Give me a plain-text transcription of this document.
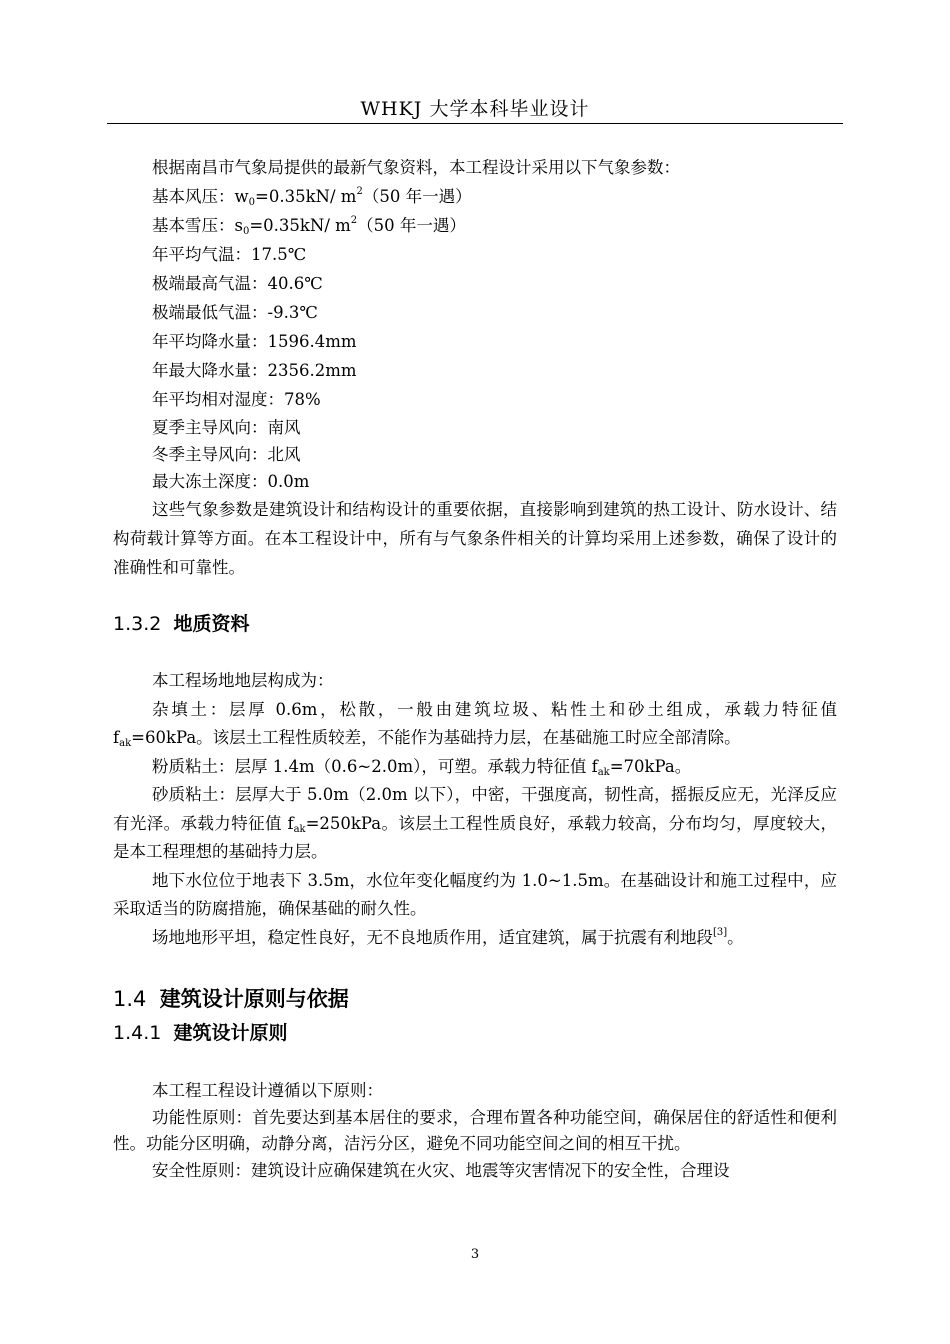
WHKJ 大学本科毕业设计

根据南昌市气象局提供的最新气象资料，本工程设计采用以下气象参数：

基本风压：$w_0=0.35kN/$ $m^2(50$ 年一遇）

基本雪压：$s_0=0.35kN/$ $m^2(50$ 年一遇）

年平均气温：17.5℃

极端最高气温：40.6℃

极端最低气温：-9.3℃

年平均降水量：1596.4mm

年最大降水量：2356.2mm

年平均相对湿度：78%

夏季主导风向：南风

冬季主导风向：北风

最大冻土深度：0.0m

这些气象参数是建筑设计和结构设计的重要依据，直接影响到建筑的热工设计、防水设计、结构荷载计算等方面。在本工程设计中，所有与气象条件相关的计算均采用上述参数，确保了设计的准确性和可靠性。

1.3.2 地质资料

本工程场地地层构成为：

杂填土：层厚 0.6m，松散，一般由建筑垃圾、粘性土和砂土组成，承载力特征值 $f_{ak}=60kPa$。该层土工程性质较差，不能作为基础持力层，在基础施工时应全部清除。

粉质粘土：层厚 1.4m（0.6~2.0m），可塑。承载力特征值 $f_{ak}=70kPa$。

砂质粘土：层厚大于 5.0m（2.0m 以下），中密，干强度高，韧性高，摇振反应无，光泽反应有光泽。承载力特征值 $f_{ak}=250kPa$。该层土工程性质良好，承载力较高，分布均匀，厚度较大，是本工程理想的基础持力层。

地下水位位于地表下 3.5m，水位年变化幅度约为 1.0~1.5m。在基础设计和施工过程中，应采取适当的防腐措施，确保基础的耐久性。

场地地形平坦，稳定性良好，无不良地质作用，适宜建筑，属于抗震有利地段[3]。

1.4 建筑设计原则与依据
1.4.1 建筑设计原则

本工程工程设计遵循以下原则：

功能性原则：首先要达到基本居住的要求，合理布置各种功能空间，确保居住的舒适性和便利性。功能分区明确，动静分离，洁污分区，避免不同功能空间之间的相互干扰。

安全性原则：建筑设计应确保建筑在火灾、地震等灾害情况下的安全性，合理设

3
